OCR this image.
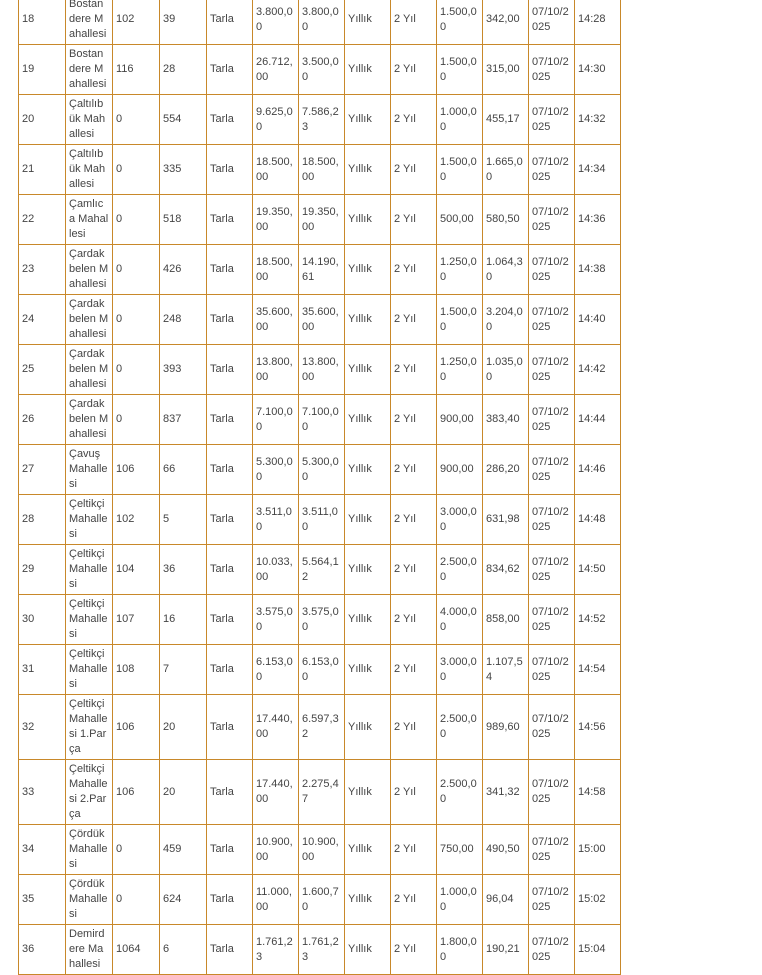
18	Bostandere Mahallesi	102	39	Tarla	3.800,00	3.800,00	Yıllık	2 Yıl	1.500,00	342,00	07/10/2025	14:28
19	Bostandere Mahallesi	116	28	Tarla	26.712,00	3.500,00	Yıllık	2 Yıl	1.500,00	315,00	07/10/2025	14:30
20	Çaltılıbük Mahallesi	0	554	Tarla	9.625,00	7.586,23	Yıllık	2 Yıl	1.000,00	455,17	07/10/2025	14:32
21	Çaltılıbük Mahallesi	0	335	Tarla	18.500,00	18.500,00	Yıllık	2 Yıl	1.500,00	1.665,00	07/10/2025	14:34
22	Çamlıca Mahallesi	0	518	Tarla	19.350,00	19.350,00	Yıllık	2 Yıl	500,00	580,50	07/10/2025	14:36
23	Çardakbelen Mahallesi	0	426	Tarla	18.500,00	14.190,61	Yıllık	2 Yıl	1.250,00	1.064,30	07/10/2025	14:38
24	Çardakbelen Mahallesi	0	248	Tarla	35.600,00	35.600,00	Yıllık	2 Yıl	1.500,00	3.204,00	07/10/2025	14:40
25	Çardakbelen Mahallesi	0	393	Tarla	13.800,00	13.800,00	Yıllık	2 Yıl	1.250,00	1.035,00	07/10/2025	14:42
26	Çardakbelen Mahallesi	0	837	Tarla	7.100,00	7.100,00	Yıllık	2 Yıl	900,00	383,40	07/10/2025	14:44
27	Çavuş Mahallesi	106	66	Tarla	5.300,00	5.300,00	Yıllık	2 Yıl	900,00	286,20	07/10/2025	14:46
28	Çeltikçi Mahallesi	102	5	Tarla	3.511,00	3.511,00	Yıllık	2 Yıl	3.000,00	631,98	07/10/2025	14:48
29	Çeltikçi Mahallesi	104	36	Tarla	10.033,00	5.564,12	Yıllık	2 Yıl	2.500,00	834,62	07/10/2025	14:50
30	Çeltikçi Mahallesi	107	16	Tarla	3.575,00	3.575,00	Yıllık	2 Yıl	4.000,00	858,00	07/10/2025	14:52
31	Çeltikçi Mahallesi	108	7	Tarla	6.153,00	6.153,00	Yıllık	2 Yıl	3.000,00	1.107,54	07/10/2025	14:54
32	Çeltikçi Mahallesi 1.Parça	106	20	Tarla	17.440,00	6.597,32	Yıllık	2 Yıl	2.500,00	989,60	07/10/2025	14:56
33	Çeltikçi Mahallesi 2.Parça	106	20	Tarla	17.440,00	2.275,47	Yıllık	2 Yıl	2.500,00	341,32	07/10/2025	14:58
34	Çördük Mahallesi	0	459	Tarla	10.900,00	10.900,00	Yıllık	2 Yıl	750,00	490,50	07/10/2025	15:00
35	Çördük Mahallesi	0	624	Tarla	11.000,00	1.600,70	Yıllık	2 Yıl	1.000,00	96,04	07/10/2025	15:02
36	Demirdere Mahallesi	1064	6	Tarla	1.761,23	1.761,23	Yıllık	2 Yıl	1.800,00	190,21	07/10/2025	15:04
